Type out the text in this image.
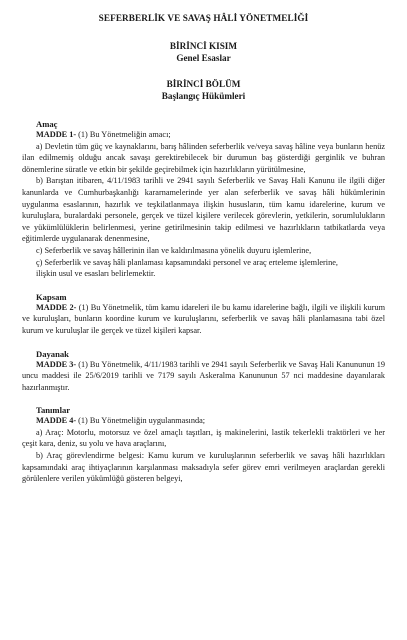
SEFERBERLİK VE SAVAŞ HÂLİ YÖNETMELİĞİ
BİRİNCİ KISIM
Genel Esaslar
BİRİNCİ BÖLÜM
Başlangıç Hükümleri
Amaç

MADDE 1- (1) Bu Yönetmeliğin amacı;

a) Devletin tüm güç ve kaynaklarını, barış hâlinden seferberlik ve/veya savaş hâline veya bunların henüz ilan edilmemiş olduğu ancak savaşı gerektirebilecek bir durumun baş gösterdiği gerginlik ve buhran dönemlerine süratle ve etkin bir şekilde geçirebilmek için hazırlıkların yürütülmesine,

b) Barıştan itibaren, 4/11/1983 tarihli ve 2941 sayılı Seferberlik ve Savaş Hali Kanunu ile ilgili diğer kanunlarda ve Cumhurbaşkanlığı kararnamelerinde yer alan seferberlik ve savaş hâli hükümlerinin uygulanma esaslarının, hazırlık ve teşkilatlanmaya ilişkin hususların, tüm kamu idarelerine, kurum ve kuruluşlara, buralardaki personele, gerçek ve tüzel kişilere verilecek görevlerin, yetkilerin, sorumlulukların ve yükümlülüklerin belirlenmesi, yerine getirilmesinin takip edilmesi ve hazırlıkların tatbikatlarda veya eğitimlerde uygulanarak denenmesine,

c) Seferberlik ve savaş hâllerinin ilan ve kaldırılmasına yönelik duyuru işlemlerine,

ç) Seferberlik ve savaş hâli planlaması kapsamındaki personel ve araç erteleme işlemlerine,

ilişkin usul ve esasları belirlemektir.

Kapsam

MADDE 2- (1) Bu Yönetmelik, tüm kamu idareleri ile bu kamu idarelerine bağlı, ilgili ve ilişkili kurum ve kuruluşları, bunların koordine kurum ve kuruluşlarını, seferberlik ve savaş hâli planlamasına tabi özel kurum ve kuruluşlar ile gerçek ve tüzel kişileri kapsar.

Dayanak

MADDE 3- (1) Bu Yönetmelik, 4/11/1983 tarihli ve 2941 sayılı Seferberlik ve Savaş Hali Kanununun 19 uncu maddesi ile 25/6/2019 tarihli ve 7179 sayılı Askeralma Kanununun 57 nci maddesine dayanılarak hazırlanmıştır.

Tanımlar

MADDE 4- (1) Bu Yönetmeliğin uygulanmasında;

a) Araç: Motorlu, motorsuz ve özel amaçlı taşıtları, iş makinelerini, lastik tekerlekli traktörleri ve her çeşit kara, deniz, su yolu ve hava araçlarını,

b) Araç görevlendirme belgesi: Kamu kurum ve kuruluşlarının seferberlik ve savaş hâli hazırlıkları kapsamındaki araç ihtiyaçlarının karşılanması maksadıyla sefer görev emri verilmeyen araçlardan gerekli görülenlere verilen yükümlüğü gösteren belgeyi,
